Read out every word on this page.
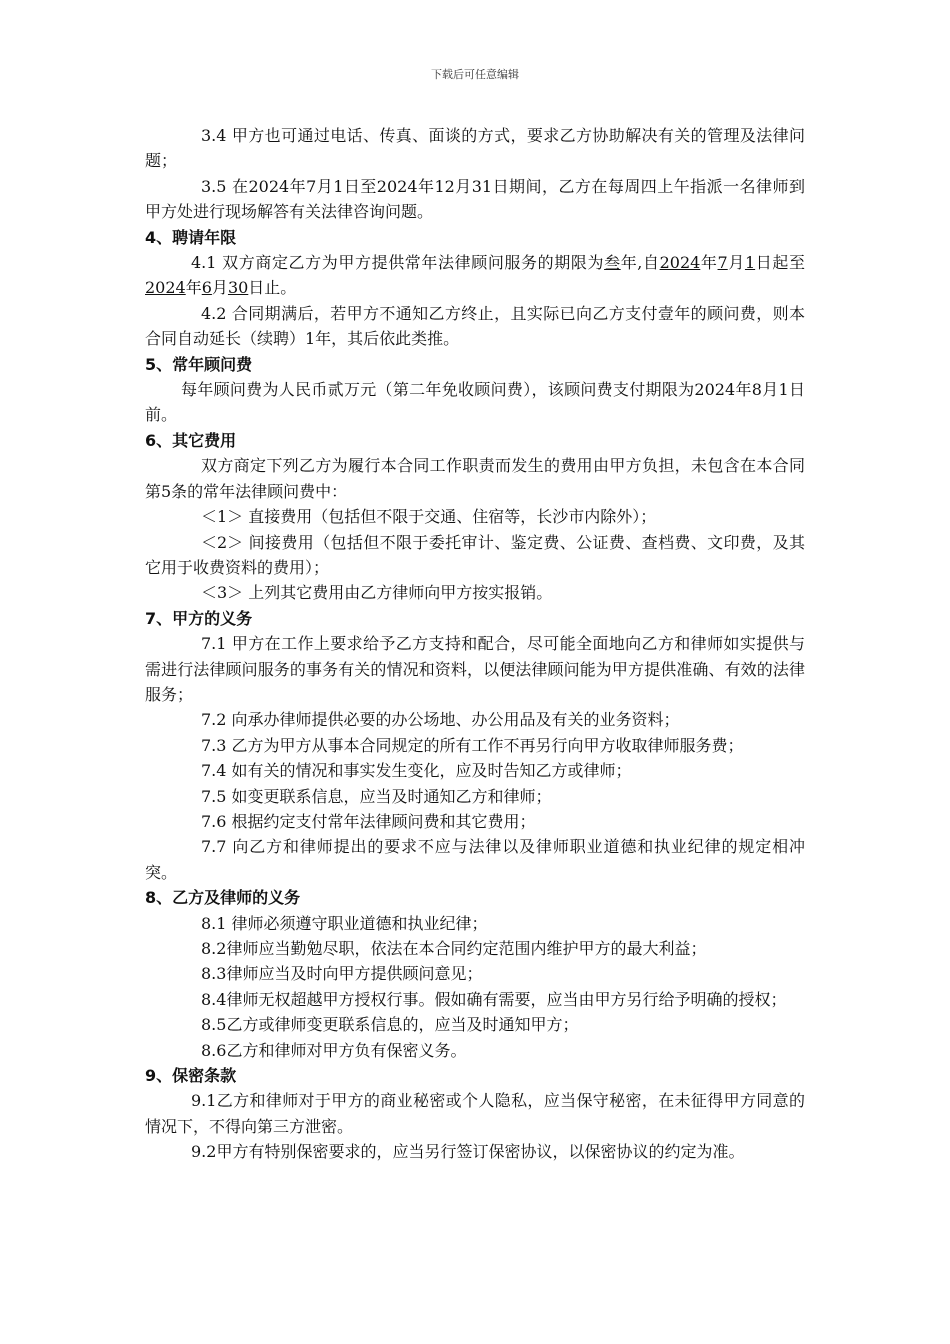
下载后可任意编辑

3.4 甲方也可通过电话、传真、面谈的方式，要求乙方协助解决有关的管理及法律问题；

3.5 在2024年7月1日至2024年12月31日期间，乙方在每周四上午指派一名律师到甲方处进行现场解答有关法律咨询问题。

4、聘请年限

4.1 双方商定乙方为甲方提供常年法律顾问服务的期限为叁年,自2024年7月1日起至2024年6月30日止。

4.2 合同期满后，若甲方不通知乙方终止，且实际已向乙方支付壹年的顾问费，则本合同自动延长（续聘）1年，其后依此类推。

5、常年顾问费

每年顾问费为人民币贰万元（第二年免收顾问费），该顾问费支付期限为2024年8月1日前。

6、其它费用

双方商定下列乙方为履行本合同工作职责而发生的费用由甲方负担，未包含在本合同第5条的常年法律顾问费中：

＜1＞ 直接费用（包括但不限于交通、住宿等，长沙市内除外）；

＜2＞ 间接费用（包括但不限于委托审计、鉴定费、公证费、查档费、文印费，及其它用于收费资料的费用）；

＜3＞ 上列其它费用由乙方律师向甲方按实报销。

7、甲方的义务

7.1 甲方在工作上要求给予乙方支持和配合，尽可能全面地向乙方和律师如实提供与需进行法律顾问服务的事务有关的情况和资料，以便法律顾问能为甲方提供准确、有效的法律服务；

7.2 向承办律师提供必要的办公场地、办公用品及有关的业务资料；

7.3 乙方为甲方从事本合同规定的所有工作不再另行向甲方收取律师服务费；

7.4 如有关的情况和事实发生变化，应及时告知乙方或律师；

7.5 如变更联系信息，应当及时通知乙方和律师；

7.6 根据约定支付常年法律顾问费和其它费用；

7.7 向乙方和律师提出的要求不应与法律以及律师职业道德和执业纪律的规定相冲突。

8、乙方及律师的义务

8.1 律师必须遵守职业道德和执业纪律；

8.2律师应当勤勉尽职，依法在本合同约定范围内维护甲方的最大利益；

8.3律师应当及时向甲方提供顾问意见；

8.4律师无权超越甲方授权行事。假如确有需要，应当由甲方另行给予明确的授权；

8.5乙方或律师变更联系信息的，应当及时通知甲方；

8.6乙方和律师对甲方负有保密义务。

9、保密条款

9.1乙方和律师对于甲方的商业秘密或个人隐私，应当保守秘密，在未征得甲方同意的情况下，不得向第三方泄密。

9.2甲方有特别保密要求的，应当另行签订保密协议，以保密协议的约定为准。
